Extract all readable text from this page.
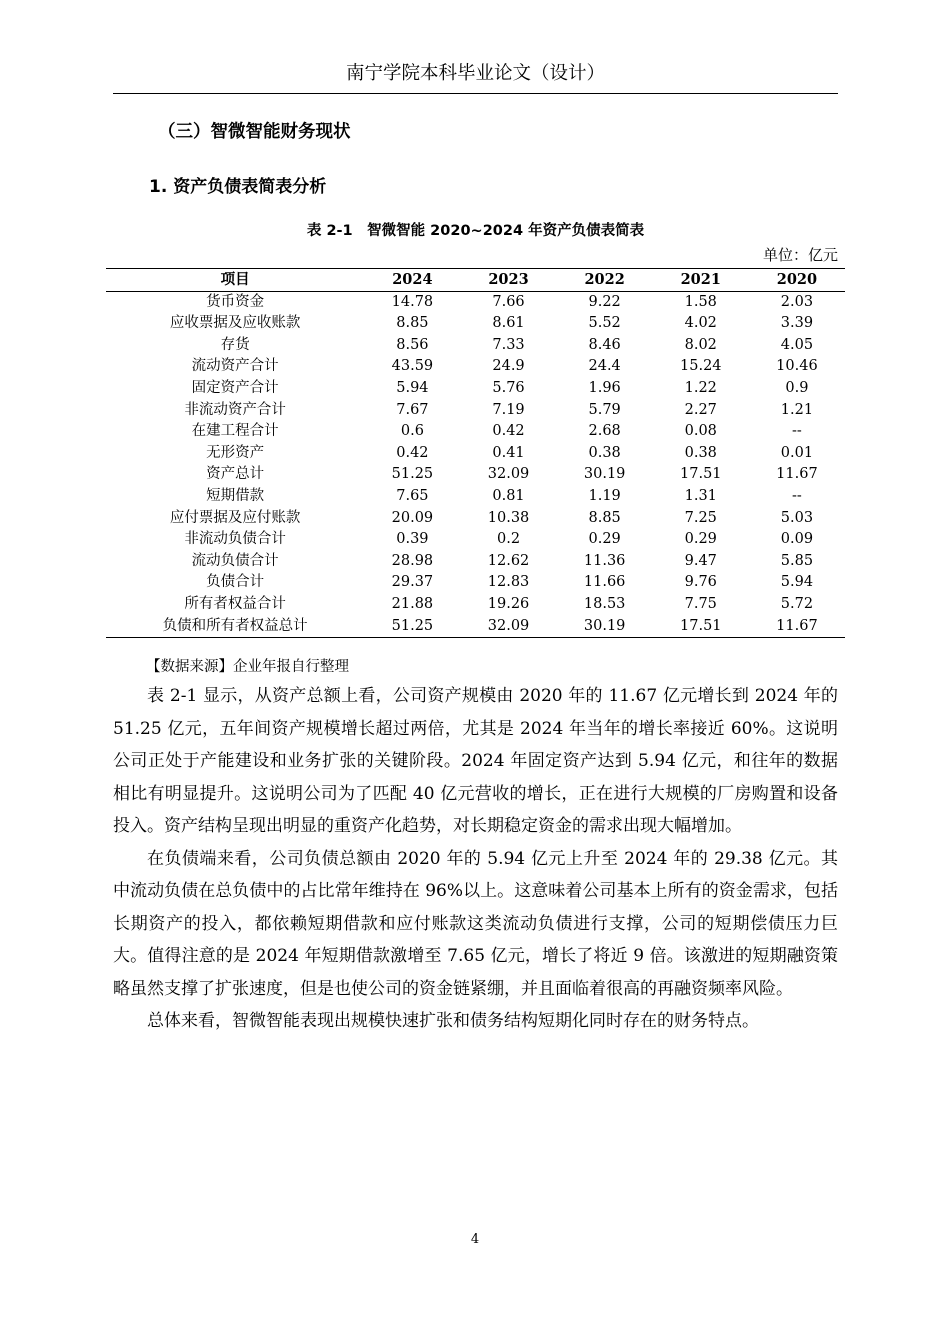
南宁学院本科毕业论文（设计）
（三）智微智能财务现状
1. 资产负债表简表分析
表 2-1　智微智能 2020~2024 年资产负债表简表
单位：亿元
项目	2024	2023	2022	2021	2020
货币资金	14.78	7.66	9.22	1.58	2.03
应收票据及应收账款	8.85	8.61	5.52	4.02	3.39
存货	8.56	7.33	8.46	8.02	4.05
流动资产合计	43.59	24.9	24.4	15.24	10.46
固定资产合计	5.94	5.76	1.96	1.22	0.9
非流动资产合计	7.67	7.19	5.79	2.27	1.21
在建工程合计	0.6	0.42	2.68	0.08	--
无形资产	0.42	0.41	0.38	0.38	0.01
资产总计	51.25	32.09	30.19	17.51	11.67
短期借款	7.65	0.81	1.19	1.31	--
应付票据及应付账款	20.09	10.38	8.85	7.25	5.03
非流动负债合计	0.39	0.2	0.29	0.29	0.09
流动负债合计	28.98	12.62	11.36	9.47	5.85
负债合计	29.37	12.83	11.66	9.76	5.94
所有者权益合计	21.88	19.26	18.53	7.75	5.72
负债和所有者权益总计	51.25	32.09	30.19	17.51	11.67
【数据来源】企业年报自行整理

表 2-1 显示，从资产总额上看，公司资产规模由 2020 年的 11.67 亿元增长到 2024 年的 51.25 亿元，五年间资产规模增长超过两倍，尤其是 2024 年当年的增长率接近 60%。这说明公司正处于产能建设和业务扩张的关键阶段。2024 年固定资产达到 5.94 亿元，和往年的数据相比有明显提升。这说明公司为了匹配 40 亿元营收的增长，正在进行大规模的厂房购置和设备投入。资产结构呈现出明显的重资产化趋势，对长期稳定资金的需求出现大幅增加。

在负债端来看，公司负债总额由 2020 年的 5.94 亿元上升至 2024 年的 29.38 亿元。其中流动负债在总负债中的占比常年维持在 96%以上。这意味着公司基本上所有的资金需求，包括长期资产的投入，都依赖短期借款和应付账款这类流动负债进行支撑，公司的短期偿债压力巨大。值得注意的是 2024 年短期借款激增至 7.65 亿元，增长了将近 9 倍。该激进的短期融资策略虽然支撑了扩张速度，但是也使公司的资金链紧绷，并且面临着很高的再融资频率风险。

总体来看，智微智能表现出规模快速扩张和债务结构短期化同时存在的财务特点。

4
